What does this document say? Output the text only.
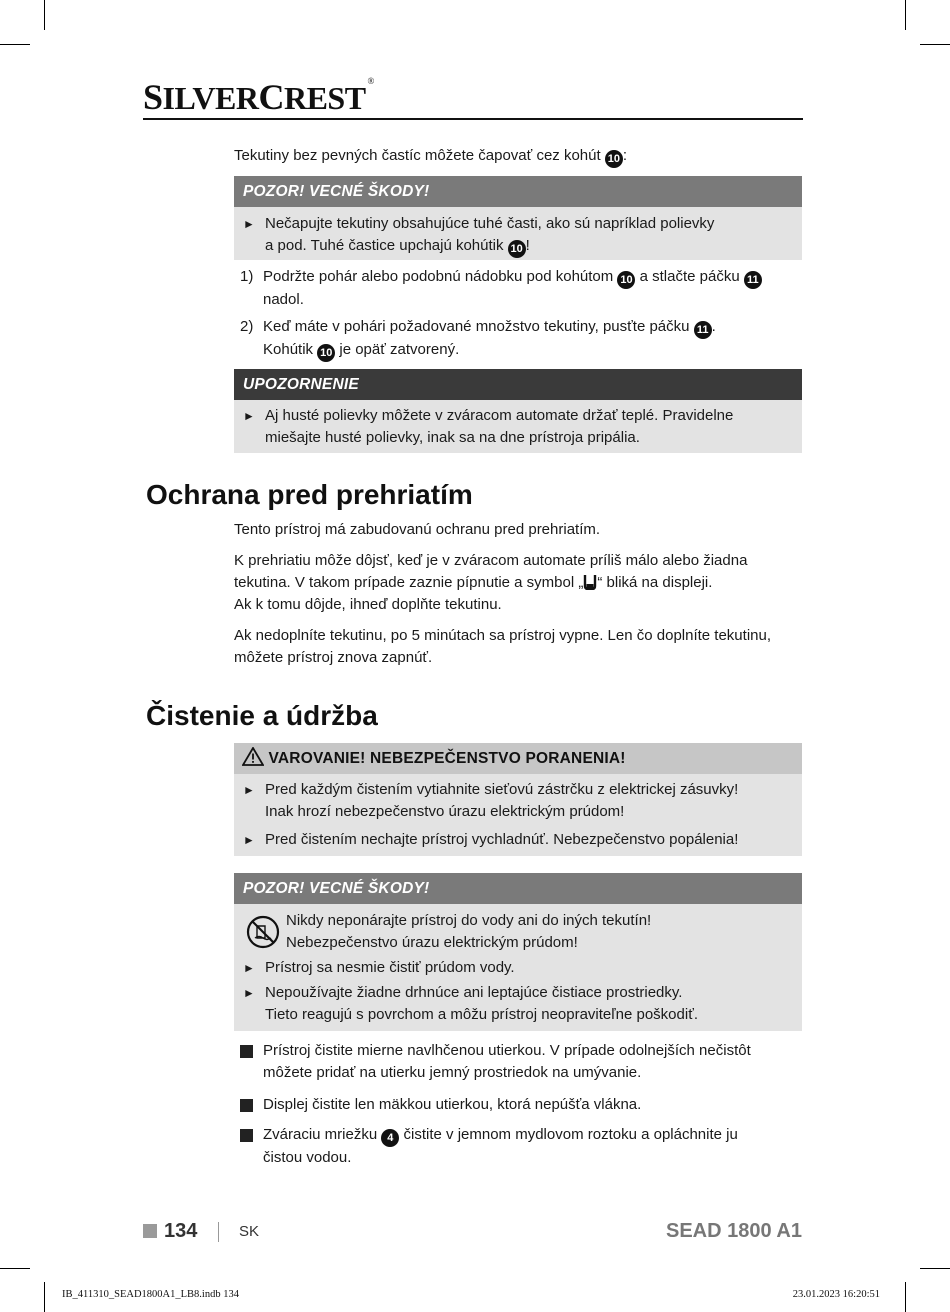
SILVERCREST ®
Tekutiny bez pevných častíc môžete čapovať cez kohút 10 :
POZOR! VECNÉ ŠKODY!
► Nečapujte tekutiny obsahujúce tuhé časti, ako sú napríklad polievky
a pod. Tuhé častice upchajú kohútik 10 !
1) Podržte pohár alebo podobnú nádobku pod kohútom 10 a stlačte páčku 11
nadol.
2) Keď máte v pohári požadované množstvo tekutiny, pusťte páčku 11 .
Kohútik 10 je opäť zatvorený.
UPOZORNENIE
► Aj husté polievky môžete v zváracom automate držať teplé. Pravidelne
miešajte husté polievky, inak sa na dne prístroja pripália.
Ochrana pred prehriatím
Tento prístroj má zabudovanú ochranu pred prehriatím.
K prehriatiu môže dôjsť, keď je v zváracom automate príliš málo alebo žiadna
tekutina. V takom prípade zaznie pípnutie a symbol „ “ bliká na displeji.
Ak k tomu dôjde, ihneď doplňte tekutinu.
Ak nedoplníte tekutinu, po 5 minútach sa prístroj vypne. Len čo doplníte tekutinu,
môžete prístroj znova zapnúť.
Čistenie a údržba
VAROVANIE! NEBEZPEČENSTVO PORANENIA!
► Pred každým čistením vytiahnite sieťovú zástrčku z elektrickej zásuvky!
Inak hrozí nebezpečenstvo úrazu elektrickým prúdom!
► Pred čistením nechajte prístroj vychladnúť. Nebezpečenstvo popálenia!
POZOR! VECNÉ ŠKODY!
Nikdy neponárajte prístroj do vody ani do iných tekutín!
Nebezpečenstvo úrazu elektrickým prúdom!
► Prístroj sa nesmie čistiť prúdom vody.
► Nepoužívajte žiadne drhnúce ani leptajúce čistiace prostriedky.
Tieto reagujú s povrchom a môžu prístroj neopraviteľne poškodiť.
Prístroj čistite mierne navlhčenou utierkou. V prípade odolnejších nečistôt
môžete pridať na utierku jemný prostriedok na umývanie.
Displej čistite len mäkkou utierkou, ktorá nepúšťa vlákna.
Zváraciu mriežku 4 čistite v jemnom mydlovom roztoku a opláchnite ju
čistou vodou.
134	SK	SEAD 1800 A1
IB_411310_SEAD1800A1_LB8.indb 134	23.01.2023 16:20:51
